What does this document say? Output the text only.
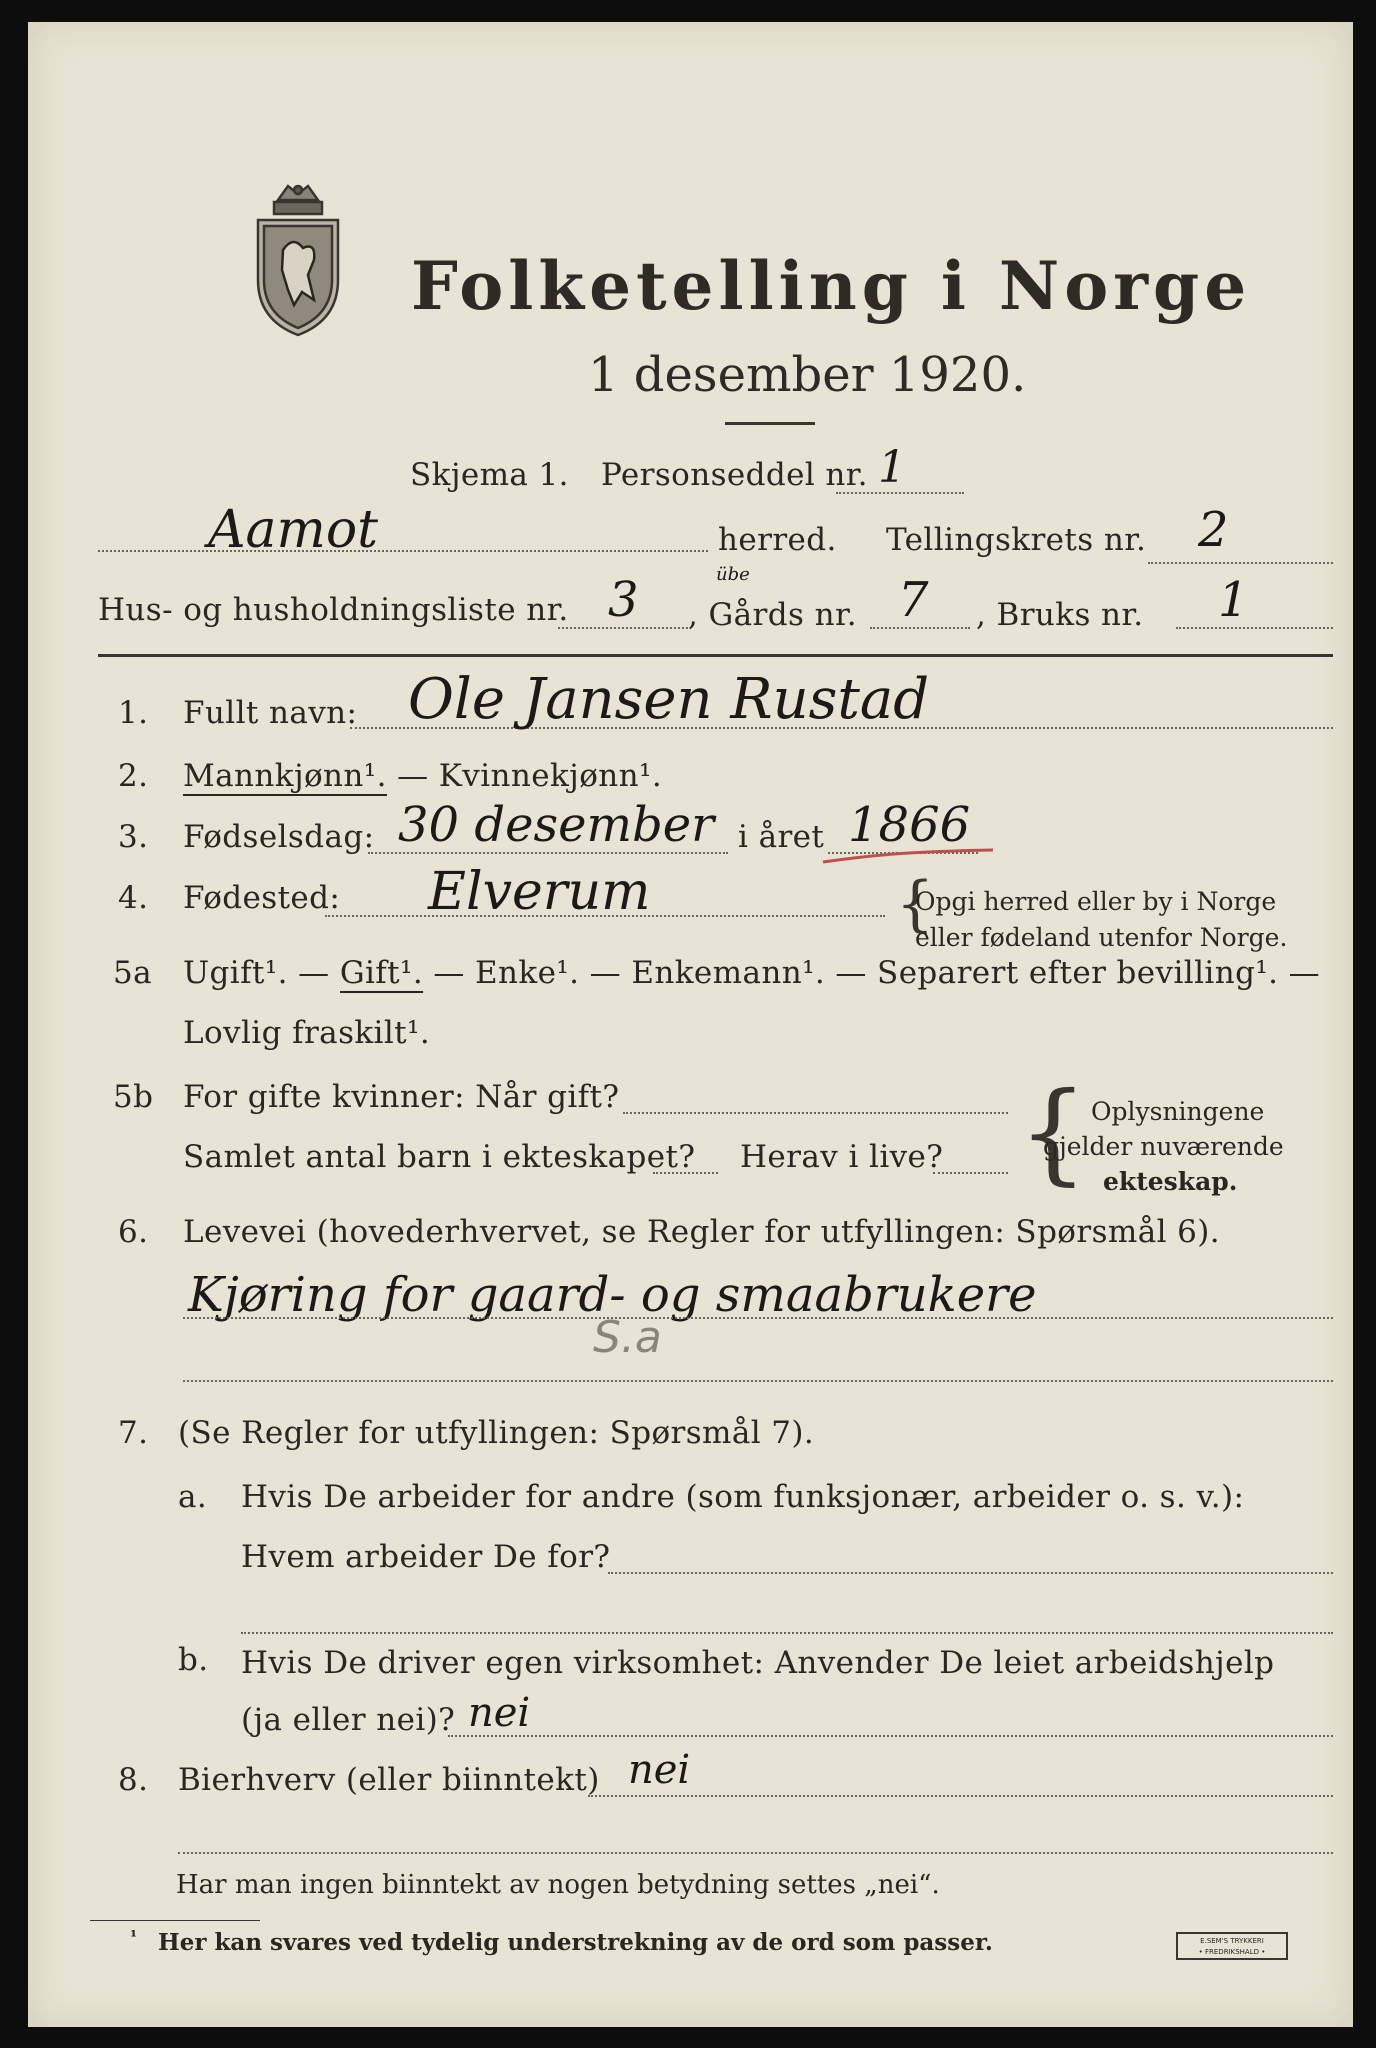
Folketelling i Norge
1 desember 1920.
Skjema 1. Personseddel nr. 1
Aamot	herred. Tellingskrets nr. 2
Hus- og husholdningsliste nr. 3	übe
, Gårds nr. 7 , Bruks nr. 1
1. Fullt navn: Ole Jansen Rustad
2. Mannkjønn¹. — Kvinnekjønn¹.
3. Fødselsdag: 30 desember i året 1866
4. Fødested: Elverum	{
Opgi herred eller by i Norge
eller fødeland utenfor Norge.
5a Ugift¹. — Gift¹. — Enke¹. — Enkemann¹. — Separert efter bevilling¹. —
Lovlig fraskilt¹.
5b For gifte kvinner: Når gift?
Samlet antal barn i ekteskapet? Herav i live? { Oplysningene
gjelder nuværende
ekteskap.
6. Levevei (hovederhvervet, se Regler for utfyllingen: Spørsmål 6).
Kjøring for gaard- og smaabrukere
S.a
7. (Se Regler for utfyllingen: Spørsmål 7).
a. Hvis De arbeider for andre (som funksjonær, arbeider o. s. v.):
Hvem arbeider De for?
b. Hvis De driver egen virksomhet: Anvender De leiet arbeidshjelp
(ja eller nei)? nei
8. Bierhverv (eller biinntekt) nei
Har man ingen biinntekt av nogen betydning settes „nei“.
¹ Her kan svares ved tydelig understrekning av de ord som passer.	E.SEM'S TRYKKERI
• FREDRIKSHALD •
